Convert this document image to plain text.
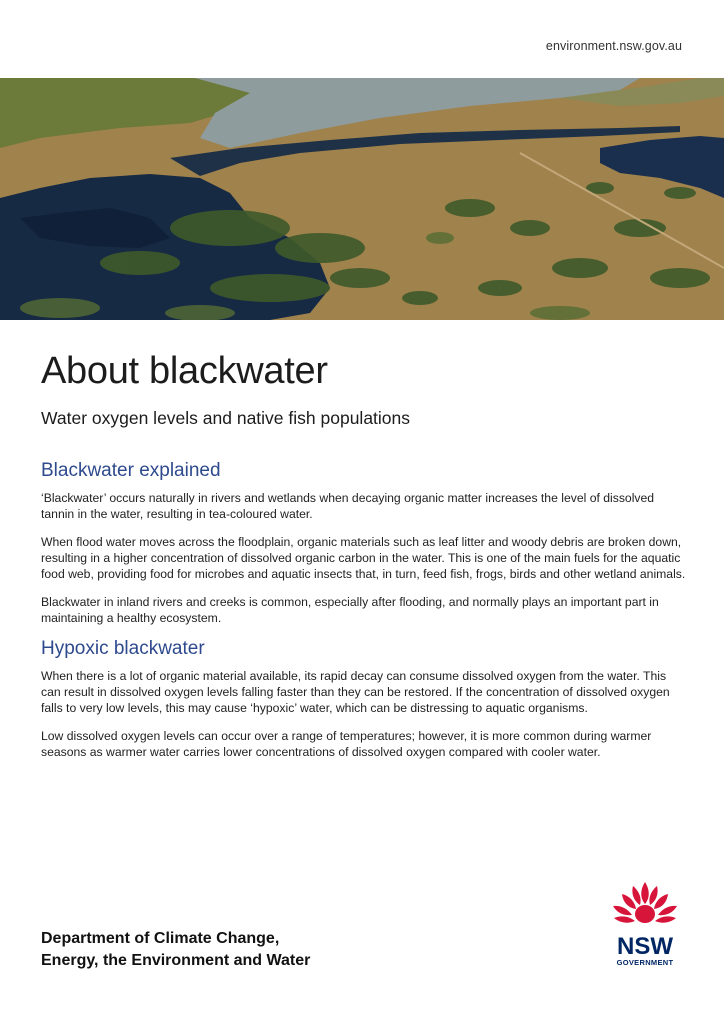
environment.nsw.gov.au
About blackwater
Water oxygen levels and native fish populations
Blackwater explained

‘Blackwater’ occurs naturally in rivers and wetlands when decaying organic matter increases the level of dissolved tannin in the water, resulting in tea-coloured water.

When flood water moves across the floodplain, organic materials such as leaf litter and woody debris are broken down, resulting in a higher concentration of dissolved organic carbon in the water. This is one of the main fuels for the aquatic food web, providing food for microbes and aquatic insects that, in turn, feed fish, frogs, birds and other wetland animals.

Blackwater in inland rivers and creeks is common, especially after flooding, and normally plays an important part in maintaining a healthy ecosystem.

Hypoxic blackwater

When there is a lot of organic material available, its rapid decay can consume dissolved oxygen from the water. This can result in dissolved oxygen levels falling faster than they can be restored. If the concentration of dissolved oxygen falls to very low levels, this may cause ‘hypoxic’ water, which can be distressing to aquatic organisms.

Low dissolved oxygen levels can occur over a range of temperatures; however, it is more common during warmer seasons as warmer water carries lower concentrations of dissolved oxygen compared with cooler water.

Department of Climate Change,
Energy, the Environment and Water
NSW
GOVERNMENT
